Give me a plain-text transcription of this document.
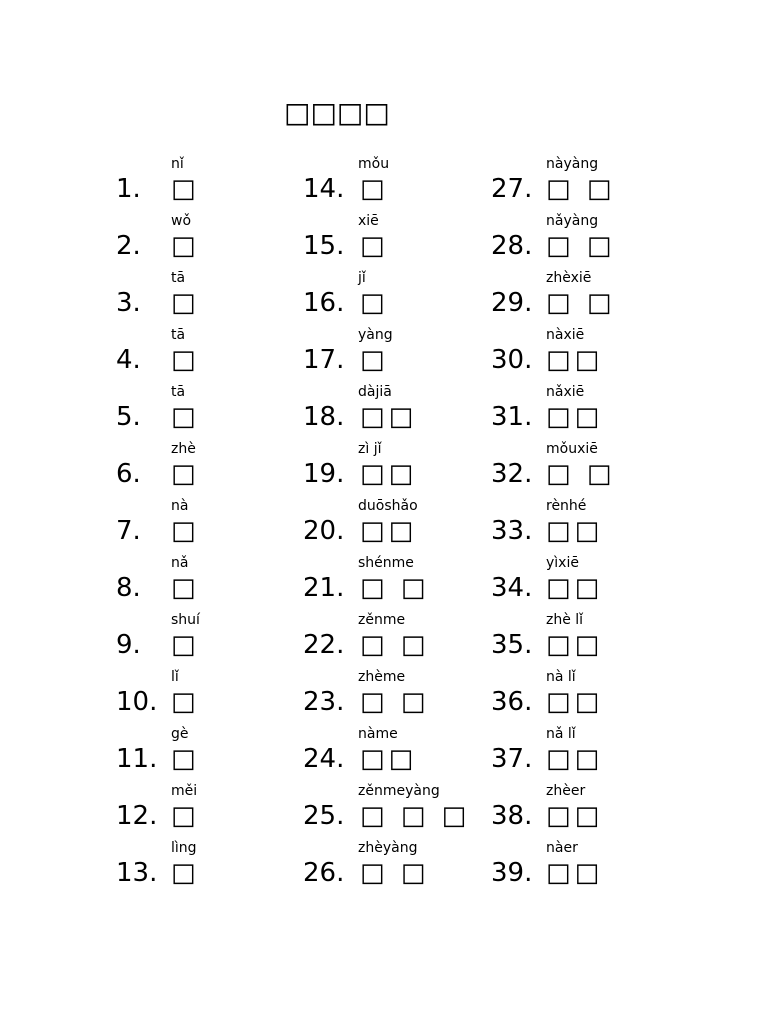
□□□□
nǐ
1. □
wǒ
2. □
tā
3. □
tā
4. □
tā
5. □
zhè
6. □
nà
7. □
nǎ
8. □
shuí
9. □
lǐ
10. □
gè
11. □
měi
12. □
lìng
13. □
mǒu
14. □
xiē
15. □
jǐ
16. □
yàng
17. □
dàjiā
18. □□
zì jǐ
19. □□
duōshǎo
20. □□
shénme
21. □ □
zěnme
22. □ □
zhème
23. □ □
nàme
24. □□
zěnmeyàng
25. □ □ □
zhèyàng
26. □ □
nàyàng
27. □ □
nǎyàng
28. □ □
zhèxiē
29. □ □
nàxiē
30. □□
nǎxiē
31. □□
mǒuxiē
32. □ □
rènhé
33. □□
yìxiē
34. □□
zhè lǐ
35. □□
nà lǐ
36. □□
nǎ lǐ
37. □□
zhèer
38. □□
nàer
39. □□
